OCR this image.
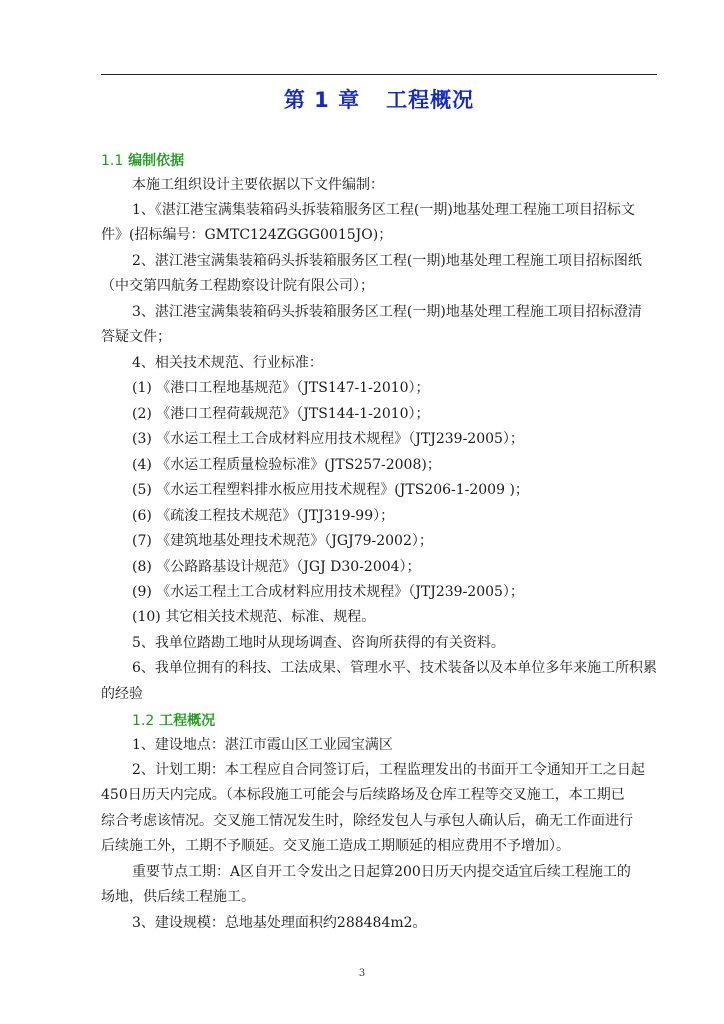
第 1 章 工程概况
1.1 编制依据
本施工组织设计主要依据以下文件编制：
1、《湛江港宝满集装箱码头拆装箱服务区工程(一期)地基处理工程施工项目招标文
件》(招标编号：GMTC124ZGGG0015JO)；
2、湛江港宝满集装箱码头拆装箱服务区工程(一期)地基处理工程施工项目招标图纸
（中交第四航务工程勘察设计院有限公司）；
3、湛江港宝满集装箱码头拆装箱服务区工程(一期)地基处理工程施工项目招标澄清
答疑文件；
4、相关技术规范、行业标准：
(1) 《港口工程地基规范》（JTS147-1-2010）；
(2) 《港口工程荷载规范》（JTS144-1-2010）；
(3) 《水运工程土工合成材料应用技术规程》（JTJ239-2005）；
(4) 《水运工程质量检验标准》(JTS257-2008)；
(5) 《水运工程塑料排水板应用技术规程》(JTS206-1-2009 )；
(6) 《疏浚工程技术规范》（JTJ319-99）；
(7) 《建筑地基处理技术规范》（JGJ79-2002）；
(8) 《公路路基设计规范》（JGJ D30-2004）；
(9) 《水运工程土工合成材料应用技术规程》（JTJ239-2005）；
(10) 其它相关技术规范、标准、规程。
5、我单位踏勘工地时从现场调查、咨询所获得的有关资料。
6、我单位拥有的科技、工法成果、管理水平、技术装备以及本单位多年来施工所积累
的经验
1.2 工程概况
1、建设地点：湛江市霞山区工业园宝满区
2、计划工期：本工程应自合同签订后，工程监理发出的书面开工令通知开工之日起
450日历天内完成。（本标段施工可能会与后续路场及仓库工程等交叉施工，本工期已
综合考虑该情况。交叉施工情况发生时，除经发包人与承包人确认后，确无工作面进行
后续施工外，工期不予顺延。交叉施工造成工期顺延的相应费用不予增加）。
重要节点工期：A区自开工令发出之日起算200日历天内提交适宜后续工程施工的
场地，供后续工程施工。
3、建设规模：总地基处理面积约288484m2。
3
